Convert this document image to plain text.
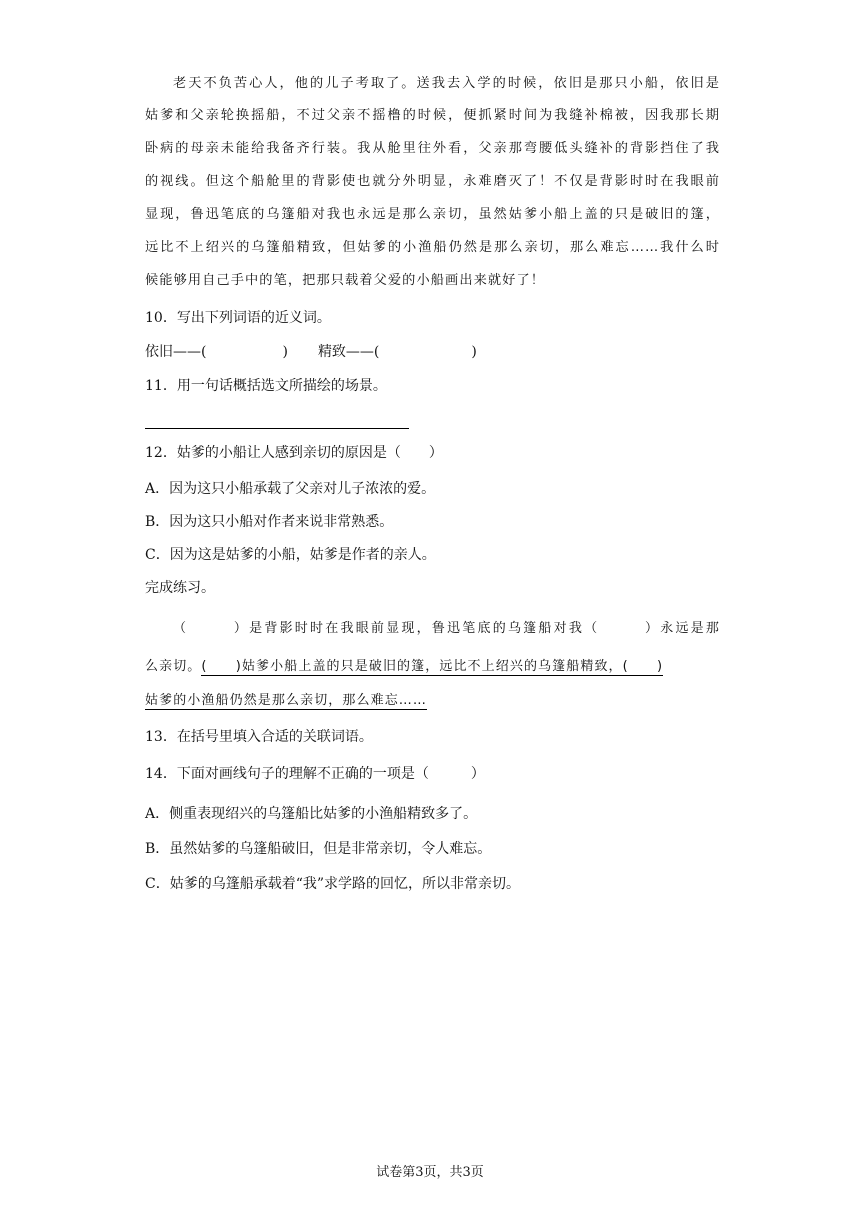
老天不负苦心人，他的儿子考取了。送我去入学的时候，依旧是那只小船，依旧是
姑爹和父亲轮换摇船，不过父亲不摇橹的时候，便抓紧时间为我缝补棉被，因我那长期
卧病的母亲未能给我备齐行装。我从舱里往外看，父亲那弯腰低头缝补的背影挡住了我
的视线。但这个船舱里的背影使也就分外明显，永难磨灭了！不仅是背影时时在我眼前
显现，鲁迅笔底的乌篷船对我也永远是那么亲切，虽然姑爹小船上盖的只是破旧的篷，
远比不上绍兴的乌篷船精致，但姑爹的小渔船仍然是那么亲切，那么难忘……我什么时
候能够用自己手中的笔，把那只载着父爱的小船画出来就好了！
10．写出下列词语的近义词。
依旧——(	) 精致——(	)
11．用一句话概括选文所描绘的场景。
12．姑爹的小船让人感到亲切的原因是（　　）
A．因为这只小船承载了父亲对儿子浓浓的爱。
B．因为这只小船对作者来说非常熟悉。
C．因为这是姑爹的小船，姑爹是作者的亲人。
完成练习。
（　　　）是背影时时在我眼前显现，鲁迅笔底的乌篷船对我（　　　）永远是那
么亲切。(　　)姑爹小船上盖的只是破旧的篷，远比不上绍兴的乌篷船精致，(　　)
姑爹的小渔船仍然是那么亲切，那么难忘……
13．在括号里填入合适的关联词语。
14．下面对画线句子的理解不正确的一项是（　　　）
A．侧重表现绍兴的乌篷船比姑爹的小渔船精致多了。
B．虽然姑爹的乌篷船破旧，但是非常亲切，令人难忘。
C．姑爹的乌篷船承载着“我”求学路的回忆，所以非常亲切。
试卷第3页，共3页
